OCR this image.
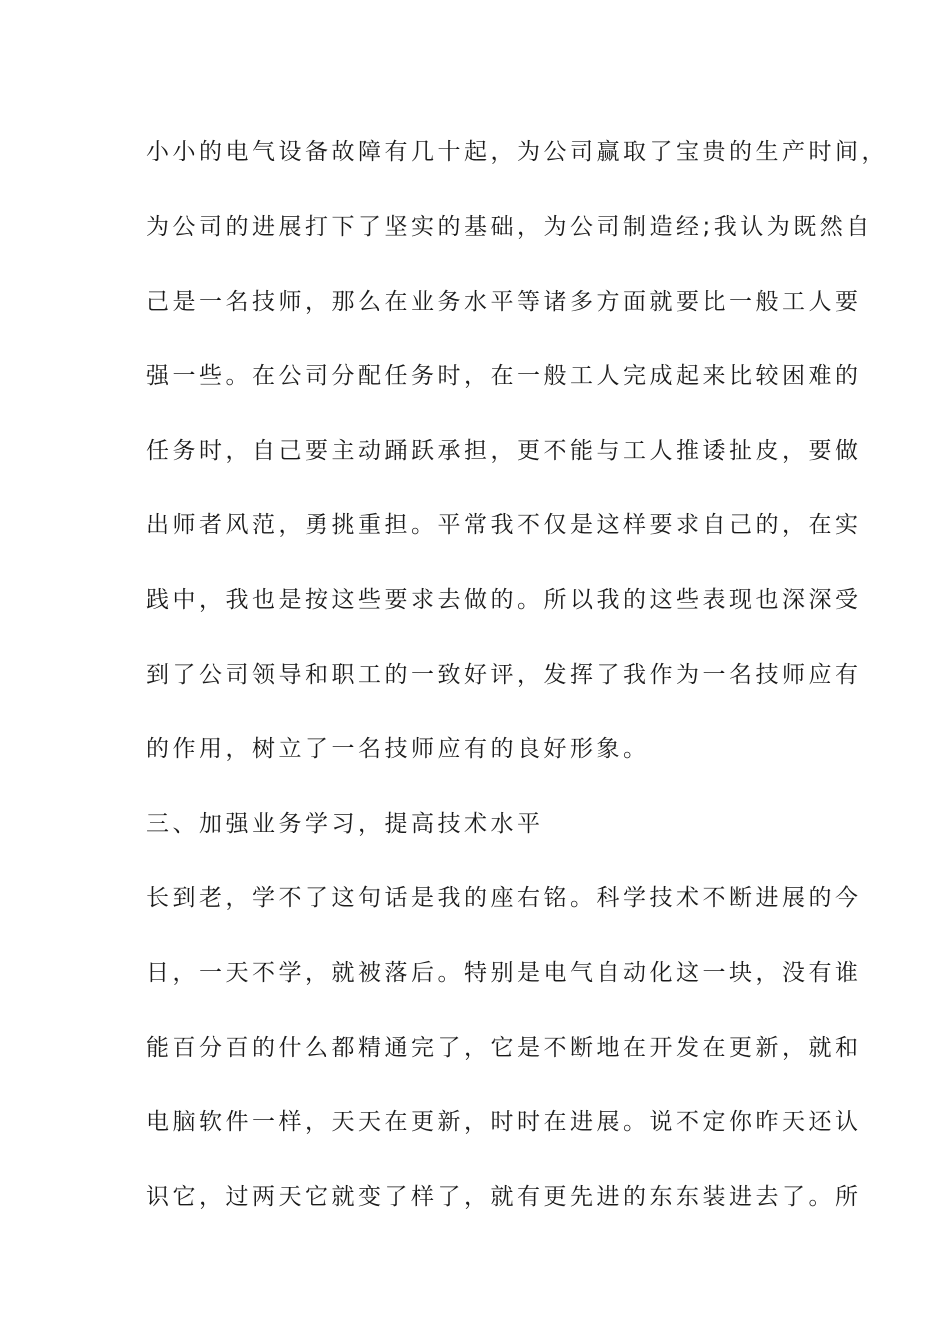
小小的电气设备故障有几十起，为公司赢取了宝贵的生产时间，
为公司的进展打下了坚实的基础，为公司制造经;我认为既然自
己是一名技师，那么在业务水平等诸多方面就要比一般工人要
强一些。在公司分配任务时，在一般工人完成起来比较困难的
任务时，自己要主动踊跃承担，更不能与工人推诿扯皮，要做
出师者风范，勇挑重担。平常我不仅是这样要求自己的，在实
践中，我也是按这些要求去做的。所以我的这些表现也深深受
到了公司领导和职工的一致好评，发挥了我作为一名技师应有
的作用，树立了一名技师应有的良好形象。
三、加强业务学习，提高技术水平
长到老，学不了这句话是我的座右铭。科学技术不断进展的今
日，一天不学，就被落后。特别是电气自动化这一块，没有谁
能百分百的什么都精通完了，它是不断地在开发在更新，就和
电脑软件一样，天天在更新，时时在进展。说不定你昨天还认
识它，过两天它就变了样了，就有更先进的东东装进去了。所
